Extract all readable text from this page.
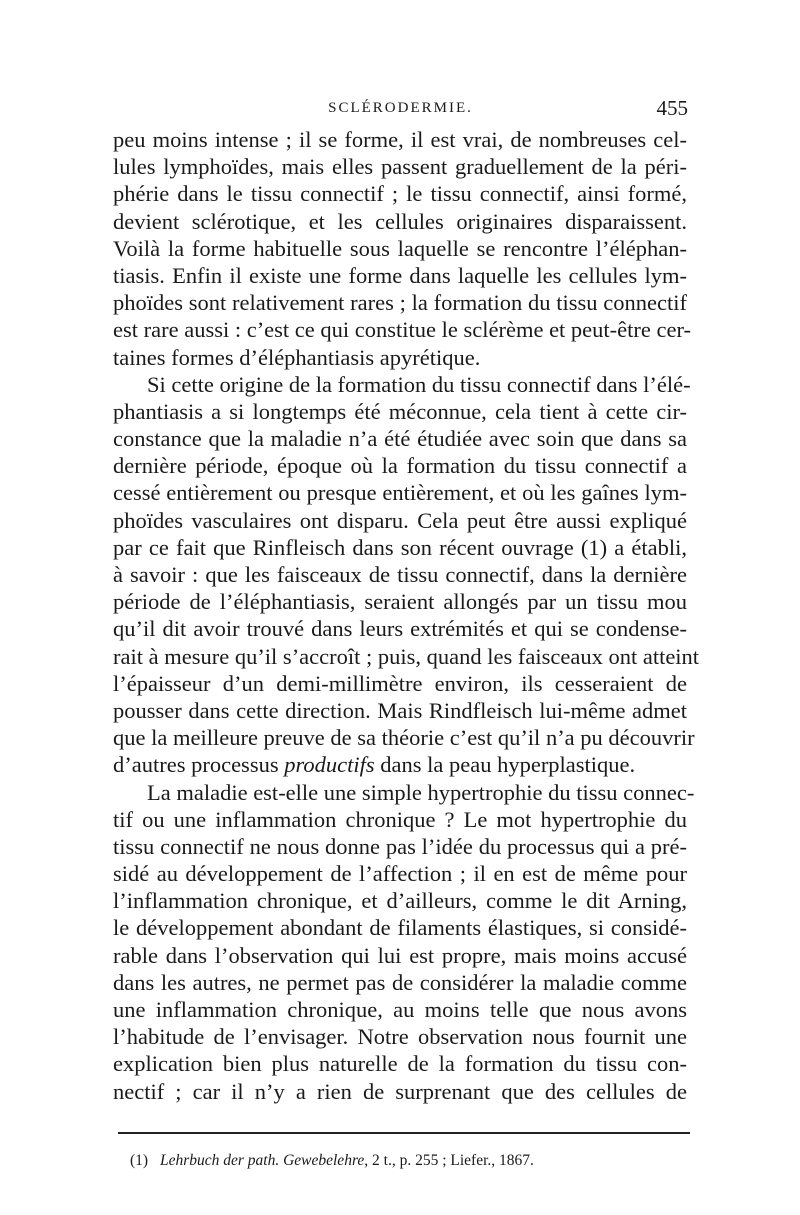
SCLÉRODERMIE.	455
peu moins intense ; il se forme, il est vrai, de nombreuses cel-
lules lymphoïdes, mais elles passent graduellement de la péri-
phérie dans le tissu connectif ; le tissu connectif, ainsi formé,
devient sclérotique, et les cellules originaires disparaissent.
Voilà la forme habituelle sous laquelle se rencontre l’éléphan-
tiasis. Enfin il existe une forme dans laquelle les cellules lym-
phoïdes sont relativement rares ; la formation du tissu connectif
est rare aussi : c’est ce qui constitue le sclérème et peut-être cer-
taines formes d’éléphantiasis apyrétique.
Si cette origine de la formation du tissu connectif dans l’élé-
phantiasis a si longtemps été méconnue, cela tient à cette cir-
constance que la maladie n’a été étudiée avec soin que dans sa
dernière période, époque où la formation du tissu connectif a
cessé entièrement ou presque entièrement, et où les gaînes lym-
phoïdes vasculaires ont disparu. Cela peut être aussi expliqué
par ce fait que Rinfleisch dans son récent ouvrage (1) a établi,
à savoir : que les faisceaux de tissu connectif, dans la dernière
période de l’éléphantiasis, seraient allongés par un tissu mou
qu’il dit avoir trouvé dans leurs extrémités et qui se condense-
rait à mesure qu’il s’accroît ; puis, quand les faisceaux ont atteint
l’épaisseur d’un demi-millimètre environ, ils cesseraient de
pousser dans cette direction. Mais Rindfleisch lui-même admet
que la meilleure preuve de sa théorie c’est qu’il n’a pu découvrir
d’autres processus productifs dans la peau hyperplastique.
La maladie est-elle une simple hypertrophie du tissu connec-
tif ou une inflammation chronique ? Le mot hypertrophie du
tissu connectif ne nous donne pas l’idée du processus qui a pré-
sidé au développement de l’affection ; il en est de même pour
l’inflammation chronique, et d’ailleurs, comme le dit Arning,
le développement abondant de filaments élastiques, si considé-
rable dans l’observation qui lui est propre, mais moins accusé
dans les autres, ne permet pas de considérer la maladie comme
une inflammation chronique, au moins telle que nous avons
l’habitude de l’envisager. Notre observation nous fournit une
explication bien plus naturelle de la formation du tissu con-
nectif ; car il n’y a rien de surprenant que des cellules de
(1) Lehrbuch der path. Gewebelehre, 2 t., p. 255 ; Liefer., 1867.
